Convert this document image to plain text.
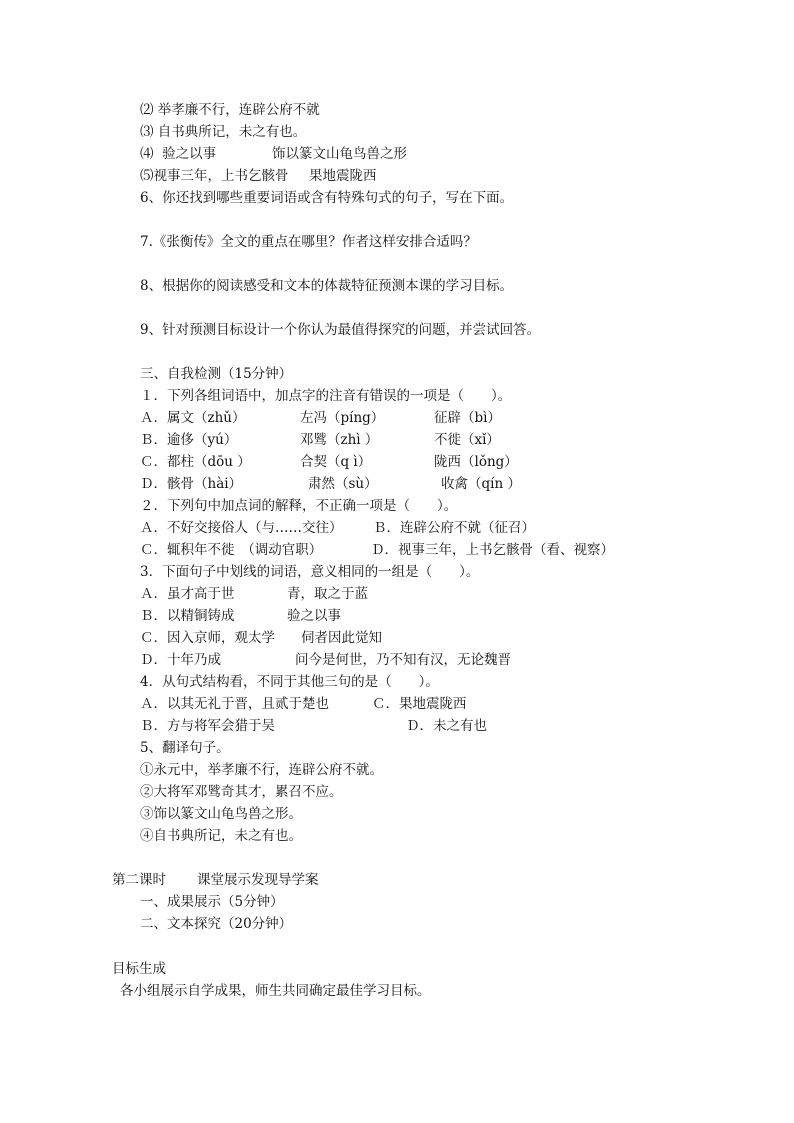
⑵ 举孝廉不行，连辟公府不就
⑶ 自书典所记，未之有也。
⑷  验之以事	饰以篆文山龟鸟兽之形
⑸视事三年，上书乞骸骨 果地震陇西
6、你还找到哪些重要词语或含有特殊句式的句子，写在下面。
7.《张衡传》全文的重点在哪里？作者这样安排合适吗？
8、根据你的阅读感受和文本的体裁特征预测本课的学习目标。
9、针对预测目标设计一个你认为最值得探究的问题，并尝试回答。
三、自我检测（15分钟）
１．下列各组词语中，加点字的注音有错误的一项是（　　）。
Ａ．属文（zhǔ）	左冯（píng）	征辟（bì）
Ｂ．逾侈（yú）	邓骘（zhì ）	不徙（xǐ）
Ｃ．都柱（dōu ）	合契（q ì）	陇西（lǒng）
Ｄ．骸骨（hài）	肃然（sù）	收禽（qín ）
２．下列句中加点词的解释，不正确一项是（　　）。
Ａ．不好交接俗人（与……交往） Ｂ．连辟公府不就（征召）
Ｃ．辄积年不徙　（调动官职）	Ｄ．视事三年，上书乞骸骨（看、视察）
3．下面句子中划线的词语，意义相同的一组是（　　）。
Ａ．虽才高于世	青，取之于蓝
Ｂ．以精铜铸成	验之以事
Ｃ．因入京师，观太学 伺者因此觉知
Ｄ．十年乃成	问今是何世，乃不知有汉，无论魏晋
4．从句式结构看，不同于其他三句的是（　　）。
Ａ．以其无礼于晋，且贰于楚也	Ｃ．果地震陇西
Ｂ．方与将军会猎于吴	Ｄ．未之有也
5、翻译句子。
①永元中，举孝廉不行，连辟公府不就。
②大将军邓骘奇其才，累召不应。
③饰以篆文山龟鸟兽之形。
④自书典所记，未之有也。
第二课时 课堂展示发现导学案
一、成果展示（5分钟）
二、文本探究（20分钟）
目标生成
各小组展示自学成果，师生共同确定最佳学习目标。
